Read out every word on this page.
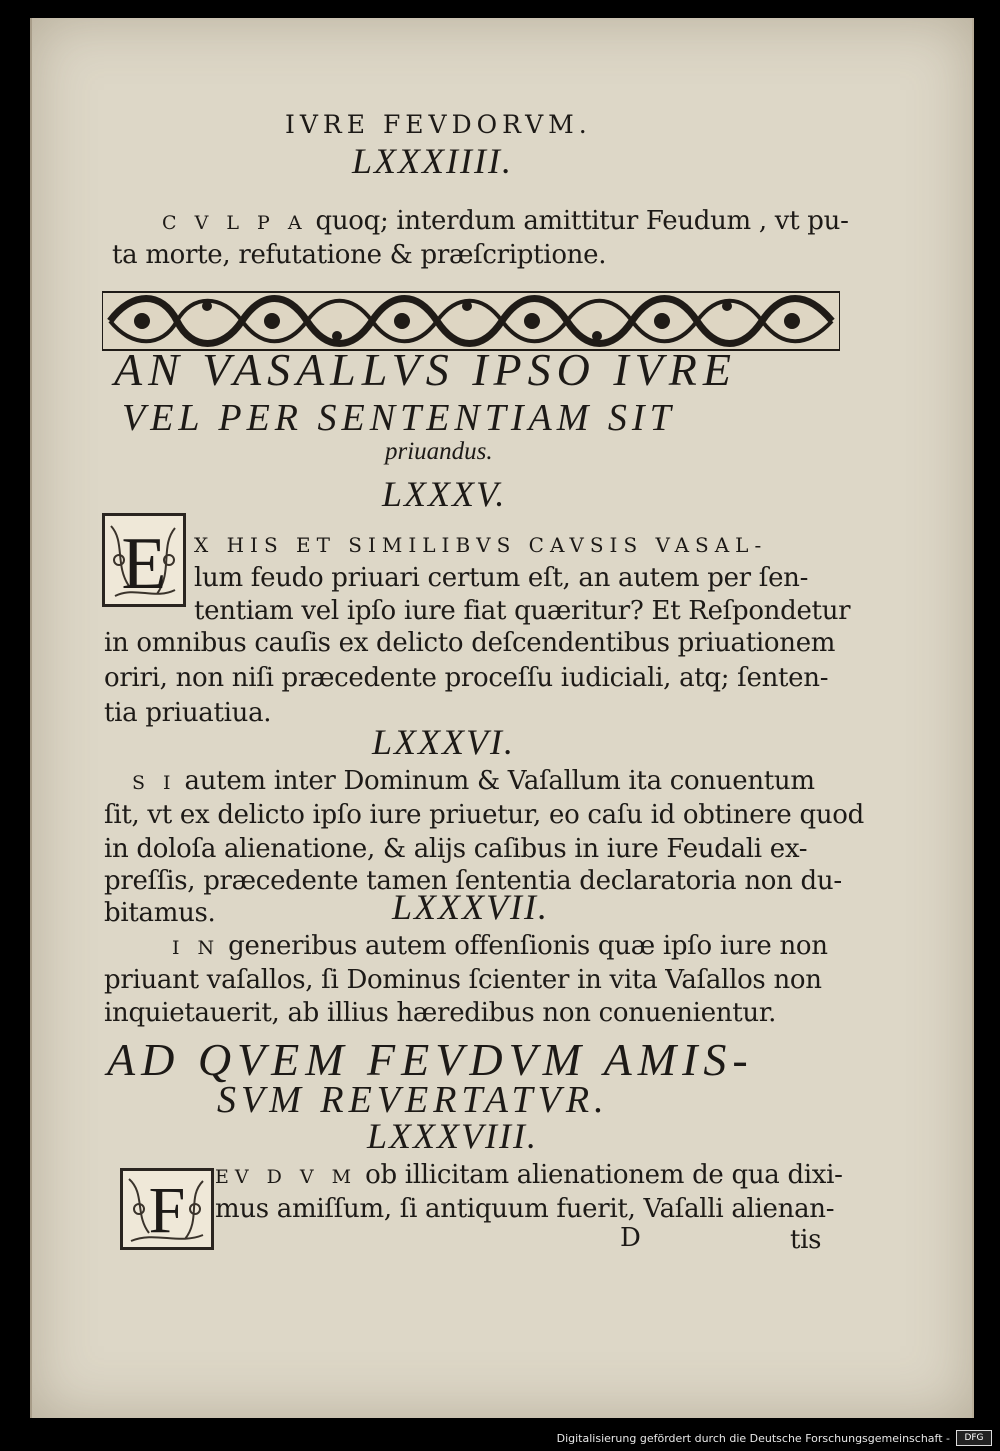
IVRE FEVDORVM.
LXXXIIII.
C V L P A quoq; interdum amittitur Feudum , vt pu-
ta morte, refutatione & præſcriptione.
AN VASALLVS IPSO IVRE
VEL PER SENTENTIAM SIT
priuandus.
LXXXV.
E	X HIS ET SIMILIBVS CAVSIS VASAL-
lum feudo priuari certum eſt, an autem per ſen-
tentiam vel ipſo iure fiat quæritur? Et Reſpondetur
in omnibus cauſis ex delicto deſcendentibus priuationem
oriri, non niſi præcedente proceſſu iudiciali, atq; ſenten-
tia priuatiua.
LXXXVI.
S I autem inter Dominum & Vaſallum ita conuentum
ſit, vt ex delicto ipſo iure priuetur, eo caſu id obtinere quod
in doloſa alienatione, & alijs caſibus in iure Feudali ex-
preſſis, præcedente tamen ſententia declaratoria non du-
bitamus.	LXXXVII.
I N generibus autem offenſionis quæ ipſo iure non
priuant vaſallos, ſi Dominus ſcienter in vita Vaſallos non
inquietauerit, ab illius hæredibus non conuenientur.
AD QVEM FEVDVM AMIS-
SVM REVERTATVR.
LXXXVIII.
F	EV D V M ob illicitam alienationem de qua dixi-
mus amiſſum, ſi antiquum fuerit, Vaſalli alienan-
D	tis
Digitalisierung gefördert durch die Deutsche Forschungsgemeinschaft -	DFG
